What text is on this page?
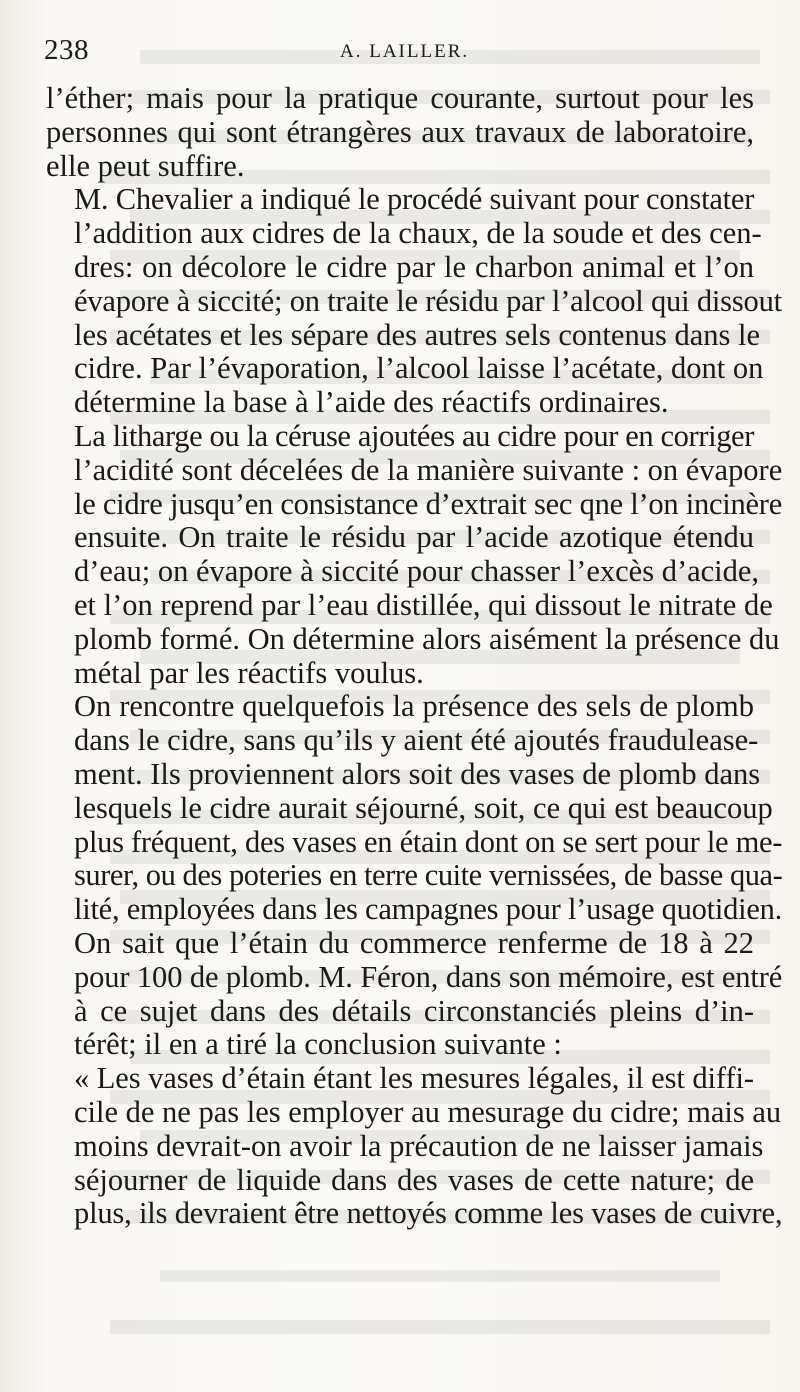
238	A. LAILLER.

l’éther; mais pour la pratique courante, surtout pour les
personnes qui sont étrangères aux travaux de laboratoire,
elle peut suffire.

M. Chevalier a indiqué le procédé suivant pour constater
l’addition aux cidres de la chaux, de la soude et des cen-
dres: on décolore le cidre par le charbon animal et l’on
évapore à siccité; on traite le résidu par l’alcool qui dissout
les acétates et les sépare des autres sels contenus dans le
cidre. Par l’évaporation, l’alcool laisse l’acétate, dont on
détermine la base à l’aide des réactifs ordinaires.

La litharge ou la céruse ajoutées au cidre pour en corriger
l’acidité sont décelées de la manière suivante : on évapore
le cidre jusqu’en consistance d’extrait sec qne l’on incinère
ensuite. On traite le résidu par l’acide azotique étendu
d’eau; on évapore à siccité pour chasser l’excès d’acide,
et l’on reprend par l’eau distillée, qui dissout le nitrate de
plomb formé. On détermine alors aisément la présence du
métal par les réactifs voulus.

On rencontre quelquefois la présence des sels de plomb
dans le cidre, sans qu’ils y aient été ajoutés fraudulease-
ment. Ils proviennent alors soit des vases de plomb dans
lesquels le cidre aurait séjourné, soit, ce qui est beaucoup
plus fréquent, des vases en étain dont on se sert pour le me-
surer, ou des poteries en terre cuite vernissées, de basse qua-
lité, employées dans les campagnes pour l’usage quotidien.

On sait que l’étain du commerce renferme de 18 à 22
pour 100 de plomb. M. Féron, dans son mémoire, est entré
à ce sujet dans des détails circonstanciés pleins d’in-
térêt; il en a tiré la conclusion suivante :

« Les vases d’étain étant les mesures légales, il est diffi-
cile de ne pas les employer au mesurage du cidre; mais au
moins devrait-on avoir la précaution de ne laisser jamais
séjourner de liquide dans des vases de cette nature; de
plus, ils devraient être nettoyés comme les vases de cuivre,
